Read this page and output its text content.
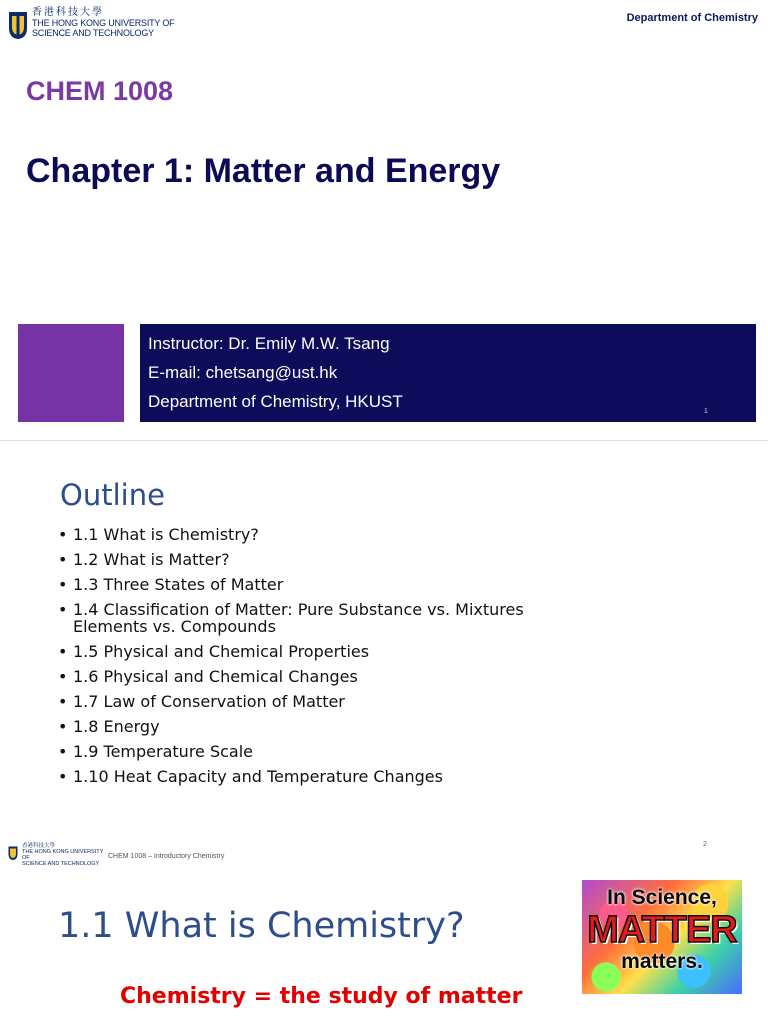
香港科技大學
THE HONG KONG UNIVERSITY OF
SCIENCE AND TECHNOLOGY
Department of Chemistry
CHEM 1008
Chapter 1: Matter and Energy
Instructor: Dr. Emily M.W. Tsang
E-mail: chetsang@ust.hk
Department of Chemistry, HKUST
1
Outline
• 1.1 What is Chemistry?
• 1.2 What is Matter?
• 1.3 Three States of Matter
• 1.4 Classification of Matter: Pure Substance vs. Mixtures
Elements vs. Compounds
• 1.5 Physical and Chemical Properties
• 1.6 Physical and Chemical Changes
• 1.7 Law of Conservation of Matter
• 1.8 Energy
• 1.9 Temperature Scale
• 1.10 Heat Capacity and Temperature Changes
香港科技大學
THE HONG KONG UNIVERSITY OF
SCIENCE AND TECHNOLOGY
CHEM 1008 – Introductory Chemistry
2
1.1 What is Chemistry?
Chemistry = the study of matter
In Science,
MATTER
matters.
